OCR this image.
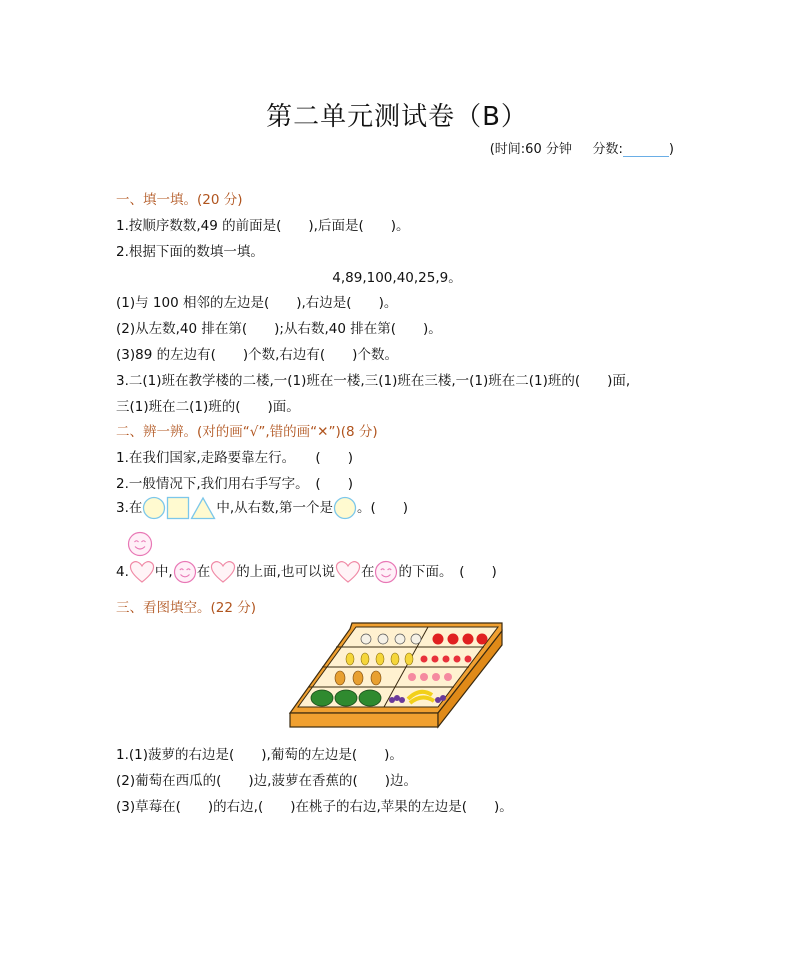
第二单元测试卷（B）
(时间:60 分钟 分数:	)
一、填一填。(20 分)
1.按顺序数数,49 的前面是(　　),后面是(　　)。
2.根据下面的数填一填。
4,89,100,40,25,9。
(1)与 100 相邻的左边是(　　),右边是(　　)。
(2)从左数,40 排在第(　　);从右数,40 排在第(　　)。
(3)89 的左边有(　　)个数,右边有(　　)个数。
3.二(1)班在教学楼的二楼,一(1)班在一楼,三(1)班在三楼,一(1)班在二(1)班的(　　)面,
三(1)班在二(1)班的(　　)面。
二、辨一辨。(对的画“√”,错的画“✕”)(8 分)
1.在我们国家,走路要靠左行。　　(　　)
2.一般情况下,我们用右手写字。　(　　)
3.在	中,从右数,第一个是 。(　　)
4. 中, 在 的上面,也可以说 在 的下面。　(　　)
三、看图填空。(22 分)
1.(1)菠萝的右边是(　　),葡萄的左边是(　　)。
(2)葡萄在西瓜的(　　)边,菠萝在香蕉的(　　)边。
(3)草莓在(　　)的右边,(　　)在桃子的右边,苹果的左边是(　　)。
